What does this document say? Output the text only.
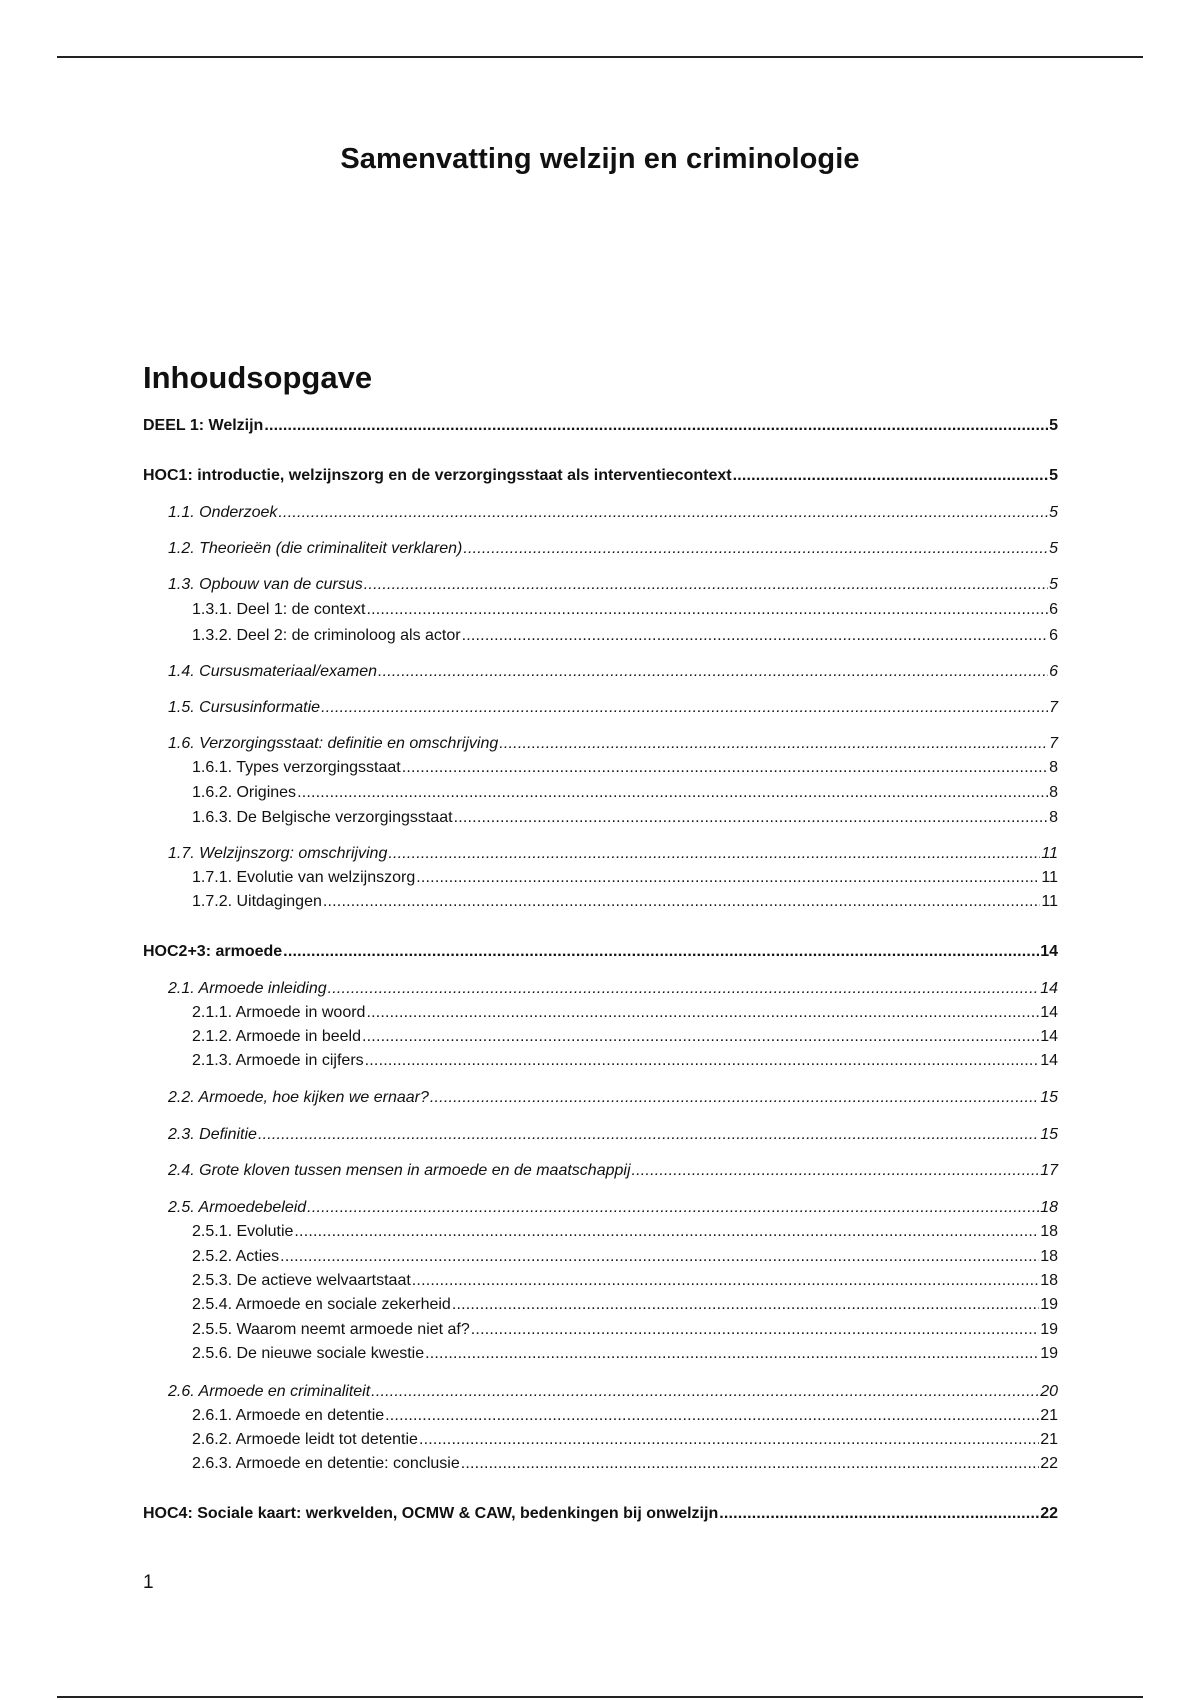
Samenvatting welzijn en criminologie
Inhoudsopgave
DEEL 1: Welzijn .....	5
HOC1: introductie, welzijnszorg en de verzorgingsstaat als interventiecontext .....	5
1.1. Onderzoek .....	5
1.2. Theorieën (die criminaliteit verklaren) .....	5
1.3. Opbouw van de cursus .....	5
1.3.1. Deel 1: de context .....	6
1.3.2. Deel 2: de criminoloog als actor .....	6
1.4. Cursusmateriaal/examen .....	6
1.5. Cursusinformatie .....	7
1.6. Verzorgingsstaat: definitie en omschrijving .....	7
1.6.1. Types verzorgingsstaat .....	8
1.6.2. Origines .....	8
1.6.3. De Belgische verzorgingsstaat .....	8
1.7. Welzijnszorg: omschrijving .....	11
1.7.1. Evolutie van welzijnszorg .....	11
1.7.2. Uitdagingen .....	11
HOC2+3: armoede .....	14
2.1. Armoede inleiding .....	14
2.1.1. Armoede in woord .....	14
2.1.2. Armoede in beeld .....	14
2.1.3. Armoede in cijfers .....	14
2.2. Armoede, hoe kijken we ernaar? .....	15
2.3. Definitie .....	15
2.4. Grote kloven tussen mensen in armoede en de maatschappij .....	17
2.5. Armoedebeleid .....	18
2.5.1. Evolutie .....	18
2.5.2. Acties .....	18
2.5.3. De actieve welvaartstaat .....	18
2.5.4. Armoede en sociale zekerheid .....	19
2.5.5. Waarom neemt armoede niet af? .....	19
2.5.6. De nieuwe sociale kwestie .....	19
2.6. Armoede en criminaliteit .....	20
2.6.1. Armoede en detentie .....	21
2.6.2. Armoede leidt tot detentie .....	21
2.6.3. Armoede en detentie: conclusie .....	22
HOC4: Sociale kaart: werkvelden, OCMW & CAW, bedenkingen bij onwelzijn .....	22
1
